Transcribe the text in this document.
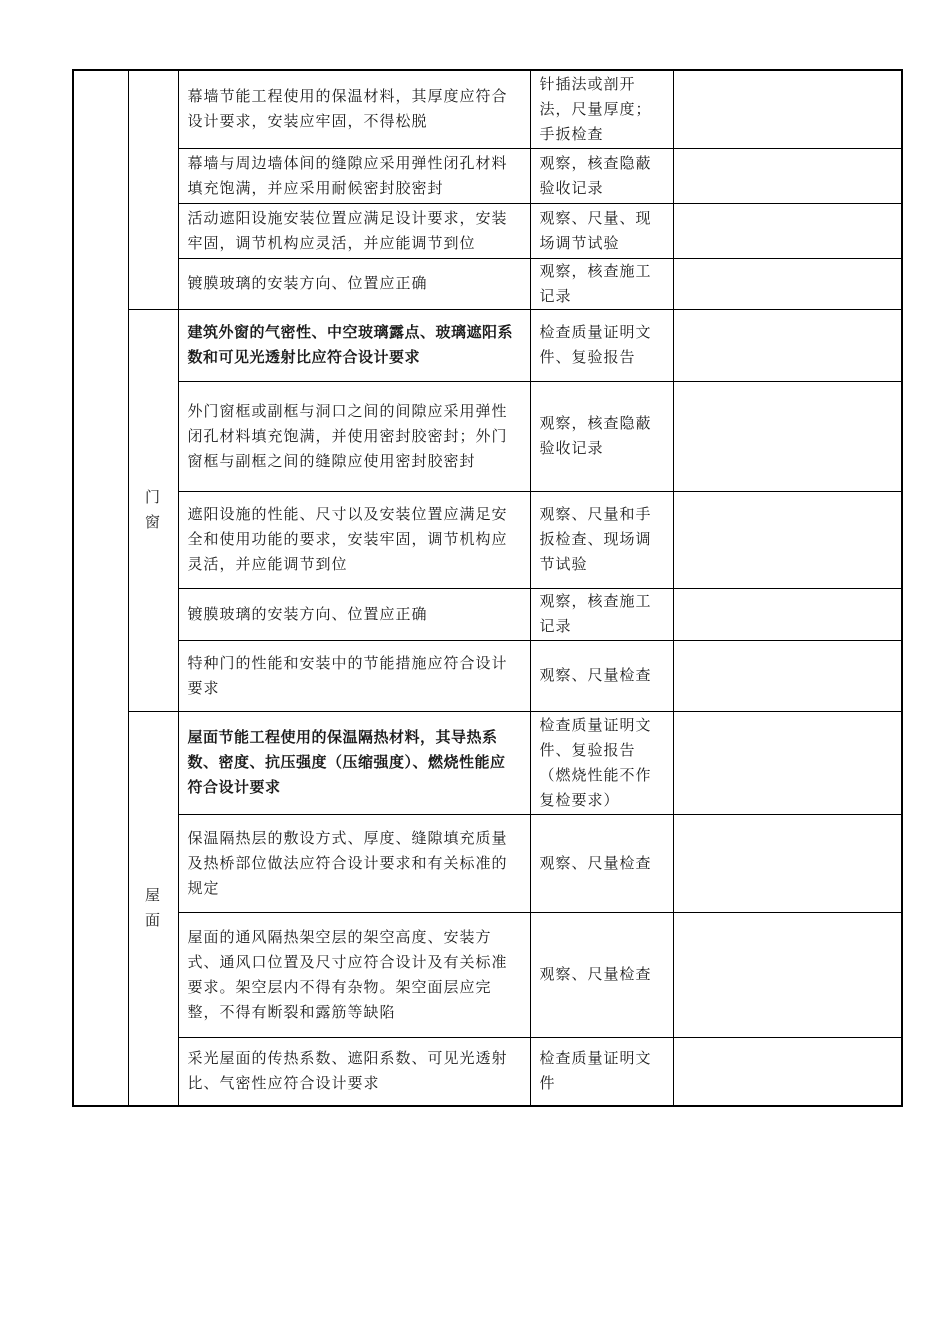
		幕墙节能工程使用的保温材料，其厚度应符合设计要求，安装应牢固，不得松脱	针插法或剖开法，尺量厚度；手扳检查	
		幕墙与周边墙体间的缝隙应采用弹性闭孔材料填充饱满，并应采用耐候密封胶密封	观察，核查隐蔽验收记录	
		活动遮阳设施安装位置应满足设计要求，安装牢固，调节机构应灵活，并应能调节到位	观察、尺量、现场调节试验	
		镀膜玻璃的安装方向、位置应正确	观察，核查施工记录	
	门窗	建筑外窗的气密性、中空玻璃露点、玻璃遮阳系数和可见光透射比应符合设计要求	检查质量证明文件、复验报告	
		外门窗框或副框与洞口之间的间隙应采用弹性闭孔材料填充饱满，并使用密封胶密封；外门窗框与副框之间的缝隙应使用密封胶密封	观察，核查隐蔽验收记录	
		遮阳设施的性能、尺寸以及安装位置应满足安全和使用功能的要求，安装牢固，调节机构应灵活，并应能调节到位	观察、尺量和手扳检查、现场调节试验	
		镀膜玻璃的安装方向、位置应正确	观察，核查施工记录	
		特种门的性能和安装中的节能措施应符合设计要求	观察、尺量检查	
	屋面	屋面节能工程使用的保温隔热材料，其导热系数、密度、抗压强度（压缩强度）、燃烧性能应符合设计要求	检查质量证明文件、复验报告（燃烧性能不作复检要求）	
		保温隔热层的敷设方式、厚度、缝隙填充质量及热桥部位做法应符合设计要求和有关标准的规定	观察、尺量检查	
		屋面的通风隔热架空层的架空高度、安装方式、通风口位置及尺寸应符合设计及有关标准要求。架空层内不得有杂物。架空面层应完整，不得有断裂和露筋等缺陷	观察、尺量检查	
		采光屋面的传热系数、遮阳系数、可见光透射比、气密性应符合设计要求	检查质量证明文件	
